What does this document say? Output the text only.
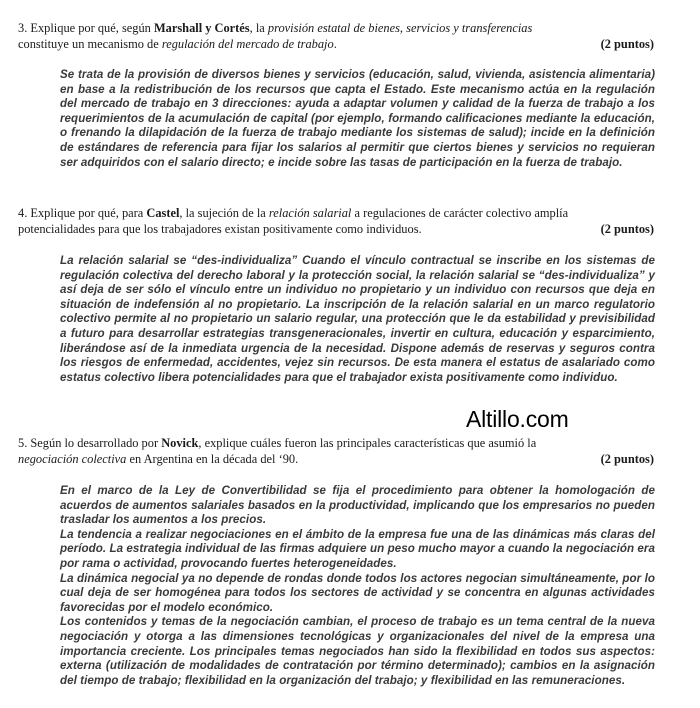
3. Explique por qué, según Marshall y Cortés, la provisión estatal de bienes, servicios y transferencias
constituye un mecanismo de regulación del mercado de trabajo.	(2 puntos)

Se trata de la provisión de diversos bienes y servicios (educación, salud, vivienda, asistencia alimentaria) en base a la redistribución de los recursos que capta el Estado. Este mecanismo actúa en la regulación del mercado de trabajo en 3 direcciones: ayuda a adaptar volumen y calidad de la fuerza de trabajo a los requerimientos de la acumulación de capital (por ejemplo, formando calificaciones mediante la educación, o frenando la dilapidación de la fuerza de trabajo mediante los sistemas de salud); incide en la definición de estándares de referencia para fijar los salarios al permitir que ciertos bienes y servicios no requieran ser adquiridos con el salario directo; e incide sobre las tasas de participación en la fuerza de trabajo.

4. Explique por qué, para Castel, la sujeción de la relación salarial a regulaciones de carácter colectivo amplía
potencialidades para que los trabajadores existan positivamente como individuos.	(2 puntos)

La relación salarial se “des-individualiza” Cuando el vínculo contractual se inscribe en los sistemas de regulación colectiva del derecho laboral y la protección social, la relación salarial se “des-individualiza” y así deja de ser sólo el vínculo entre un individuo no propietario y un individuo con recursos que deja en situación de indefensión al no propietario. La inscripción de la relación salarial en un marco regulatorio colectivo permite al no propietario un salario regular, una protección que le da estabilidad y previsibilidad a futuro para desarrollar estrategias transgeneracionales, invertir en cultura, educación y esparcimiento, liberándose así de la inmediata urgencia de la necesidad. Dispone además de reservas y seguros contra los riesgos de enfermedad, accidentes, vejez sin recursos. De esta manera el estatus de asalariado como estatus colectivo libera potencialidades para que el trabajador exista positivamente como individuo.

Altillo.com
5. Según lo desarrollado por Novick, explique cuáles fueron las principales características que asumió la
negociación colectiva en Argentina en la década del ‘90.	(2 puntos)

En el marco de la Ley de Convertibilidad se fija el procedimiento para obtener la homologación de acuerdos de aumentos salariales basados en la productividad, implicando que los empresarios no pueden trasladar los aumentos a los precios.

La tendencia a realizar negociaciones en el ámbito de la empresa fue una de las dinámicas más claras del período. La estrategia individual de las firmas adquiere un peso mucho mayor a cuando la negociación era por rama o actividad, provocando fuertes heterogeneidades.

La dinámica negocial ya no depende de rondas donde todos los actores negocian simultáneamente, por lo cual deja de ser homogénea para todos los sectores de actividad y se concentra en algunas actividades favorecidas por el modelo económico.

Los contenidos y temas de la negociación cambian, el proceso de trabajo es un tema central de la nueva negociación y otorga a las dimensiones tecnológicas y organizacionales del nivel de la empresa una importancia creciente. Los principales temas negociados han sido la flexibilidad en todos sus aspectos: externa (utilización de modalidades de contratación por término determinado); cambios en la asignación del tiempo de trabajo; flexibilidad en la organización del trabajo; y flexibilidad en las remuneraciones.
